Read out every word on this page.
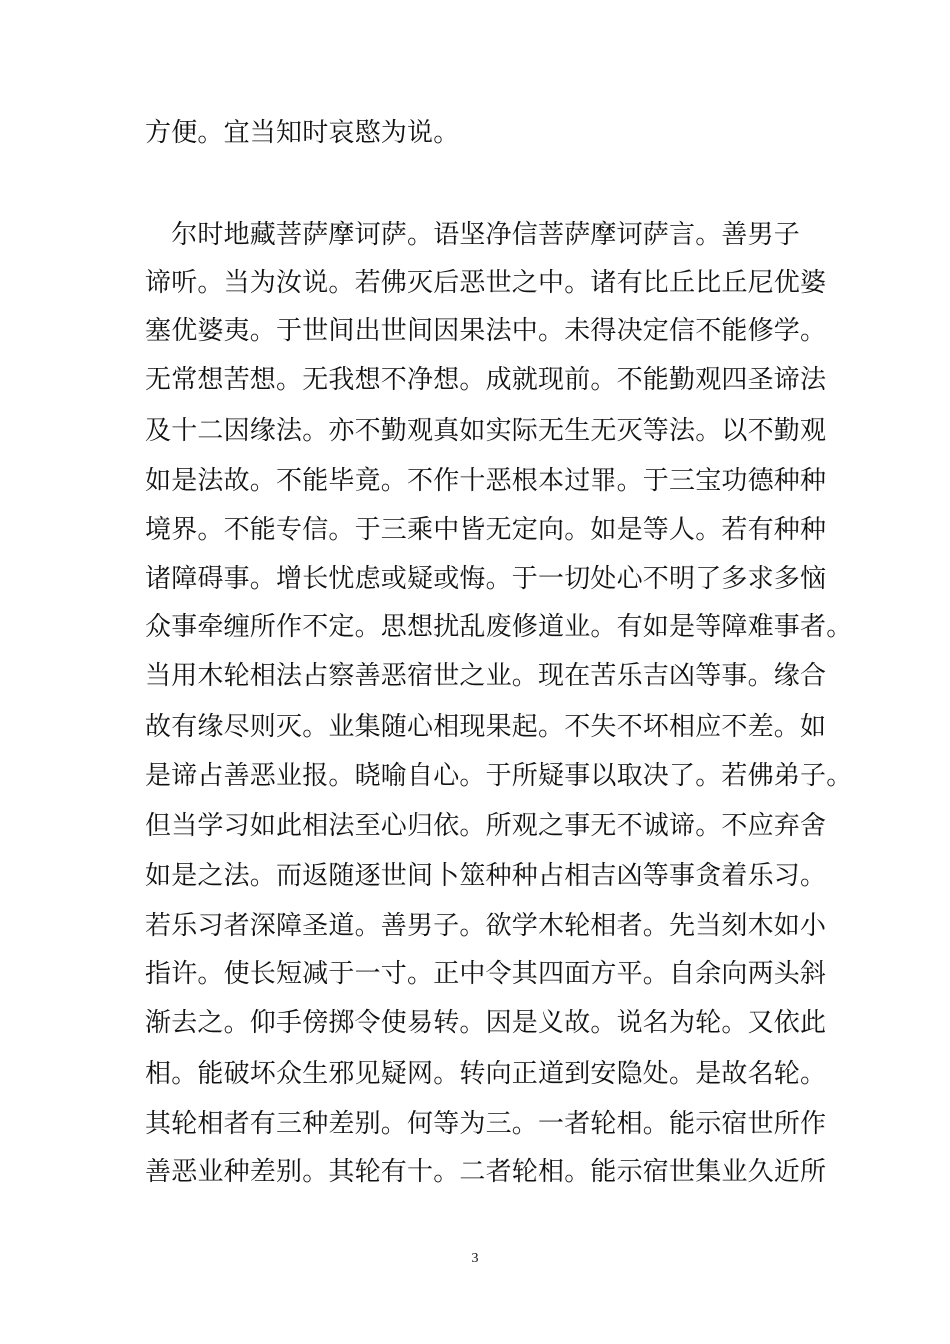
方便。宜当知时哀愍为说。
　尔时地藏菩萨摩诃萨。语坚净信菩萨摩诃萨言。善男子
谛听。当为汝说。若佛灭后恶世之中。诸有比丘比丘尼优婆
塞优婆夷。于世间出世间因果法中。未得决定信不能修学。
无常想苦想。无我想不净想。成就现前。不能勤观四圣谛法
及十二因缘法。亦不勤观真如实际无生无灭等法。以不勤观
如是法故。不能毕竟。不作十恶根本过罪。于三宝功德种种
境界。不能专信。于三乘中皆无定向。如是等人。若有种种
诸障碍事。增长忧虑或疑或悔。于一切处心不明了多求多恼
众事牵缠所作不定。思想扰乱废修道业。有如是等障难事者。
当用木轮相法占察善恶宿世之业。现在苦乐吉凶等事。缘合
故有缘尽则灭。业集随心相现果起。不失不坏相应不差。如
是谛占善恶业报。晓喻自心。于所疑事以取决了。若佛弟子。
但当学习如此相法至心归依。所观之事无不诚谛。不应弃舍
如是之法。而返随逐世间卜筮种种占相吉凶等事贪着乐习。
若乐习者深障圣道。善男子。欲学木轮相者。先当刻木如小
指许。使长短减于一寸。正中令其四面方平。自余向两头斜
渐去之。仰手傍掷令使易转。因是义故。说名为轮。又依此
相。能破坏众生邪见疑网。转向正道到安隐处。是故名轮。
其轮相者有三种差别。何等为三。一者轮相。能示宿世所作
善恶业种差别。其轮有十。二者轮相。能示宿世集业久近所
3
